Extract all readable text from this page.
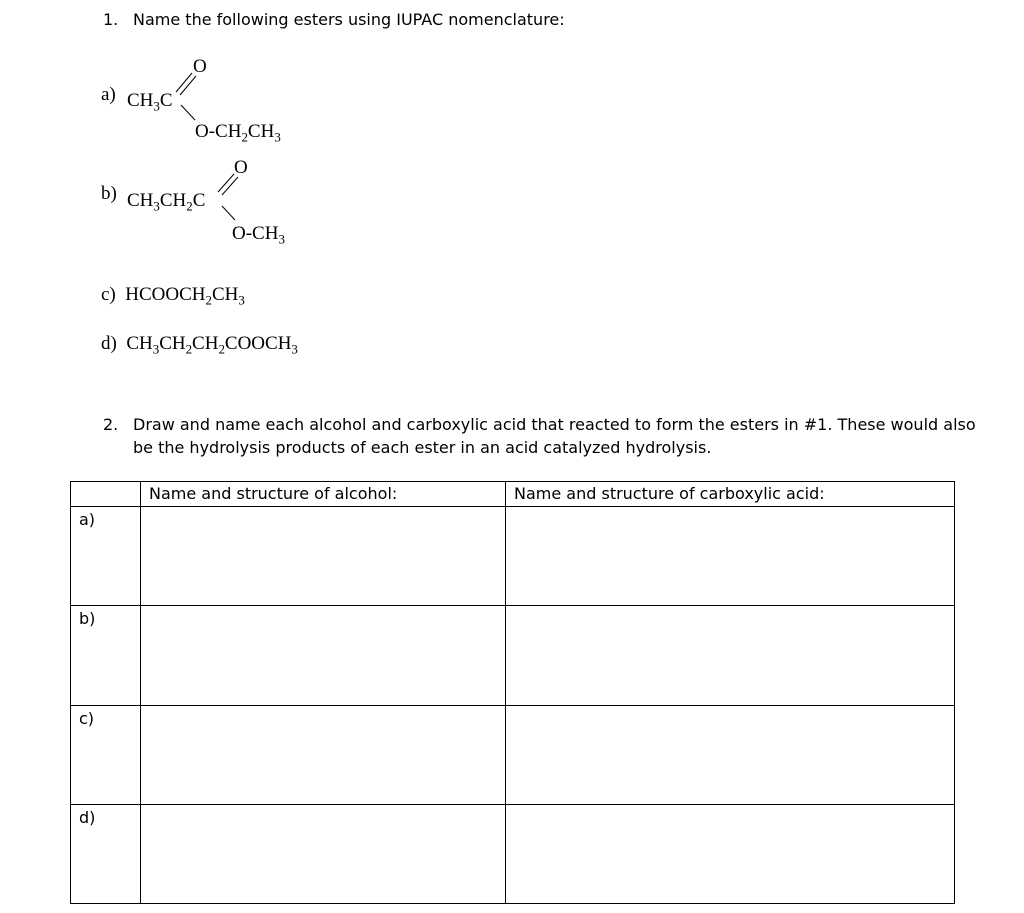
1. Name the following esters using IUPAC nomenclature:
a) $CH_3C$
O
$O-CH_2CH_3$
b) $CH_3CH_2C$
O
$O-CH_3$
c) $HCOOCH_2CH_3$
d) $CH_3CH_2CH_2COOCH_3$
2. Draw and name each alcohol and carboxylic acid that reacted to form the esters in #1. These would also
be the hydrolysis products of each ester in an acid catalyzed hydrolysis.
	Name and structure of alcohol:	Name and structure of carboxylic acid:
a)		
b)		
c)		
d)		
